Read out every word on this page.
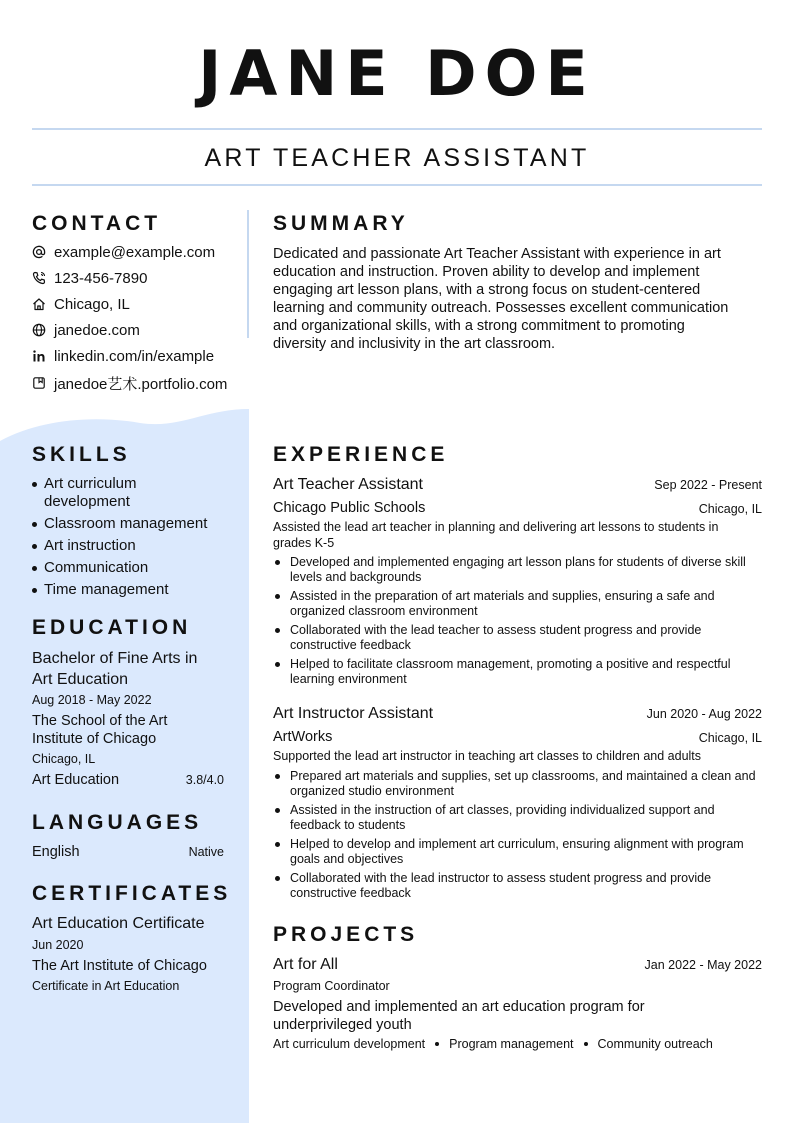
JANE DOE
ART TEACHER ASSISTANT
CONTACT
example@example.com
123-456-7890
Chicago, IL
janedoe.com
linkedin.com/in/example
janedoe艺术.portfolio.com
SUMMARY
Dedicated and passionate Art Teacher Assistant with experience in art
education and instruction. Proven ability to develop and implement
engaging art lesson plans, with a strong focus on student-centered
learning and community outreach. Possesses excellent communication
and organizational skills, with a strong commitment to promoting
diversity and inclusivity in the art classroom.
SKILLS
Art curriculum
development
Classroom management
Art instruction
Communication
Time management
EDUCATION
Bachelor of Fine Arts in
Art Education
Aug 2018 - May 2022
The School of the Art
Institute of Chicago
Chicago, IL
Art Education	3.8/4.0
LANGUAGES
English	Native
CERTIFICATES
Art Education Certificate
Jun 2020
The Art Institute of Chicago
Certificate in Art Education
EXPERIENCE
Art Teacher Assistant	Sep 2022 - Present
Chicago Public Schools	Chicago, IL
Assisted the lead art teacher in planning and delivering art lessons to students in
grades K-5
Developed and implemented engaging art lesson plans for students of diverse skill
levels and backgrounds
Assisted in the preparation of art materials and supplies, ensuring a safe and
organized classroom environment
Collaborated with the lead teacher to assess student progress and provide
constructive feedback
Helped to facilitate classroom management, promoting a positive and respectful
learning environment
Art Instructor Assistant	Jun 2020 - Aug 2022
ArtWorks	Chicago, IL
Supported the lead art instructor in teaching art classes to children and adults
Prepared art materials and supplies, set up classrooms, and maintained a clean and
organized studio environment
Assisted in the instruction of art classes, providing individualized support and
feedback to students
Helped to develop and implement art curriculum, ensuring alignment with program
goals and objectives
Collaborated with the lead instructor to assess student progress and provide
constructive feedback
PROJECTS
Art for All	Jan 2022 - May 2022
Program Coordinator
Developed and implemented an art education program for
underprivileged youth
Art curriculum development Program management Community outreach
